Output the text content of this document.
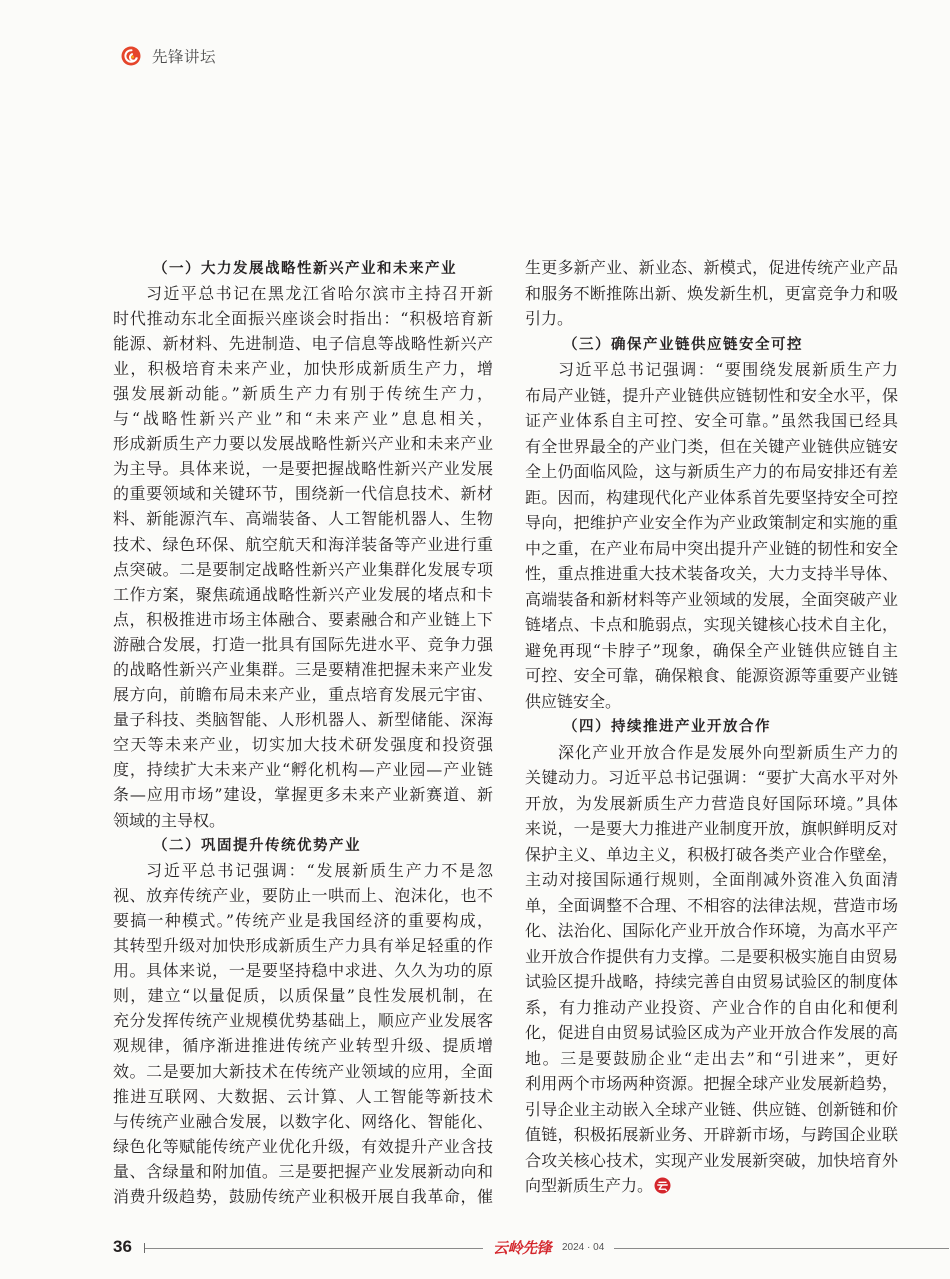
先锋讲坛
（一）大力发展战略性新兴产业和未来产业
习近平总书记在黑龙江省哈尔滨市主持召开新
时代推动东北全面振兴座谈会时指出：“积极培育新
能源、新材料、先进制造、电子信息等战略性新兴产
业，积极培育未来产业，加快形成新质生产力，增
强发展新动能。”新质生产力有别于传统生产力，
与“战略性新兴产业”和“未来产业”息息相关，
形成新质生产力要以发展战略性新兴产业和未来产业
为主导。具体来说，一是要把握战略性新兴产业发展
的重要领域和关键环节，围绕新一代信息技术、新材
料、新能源汽车、高端装备、人工智能机器人、生物
技术、绿色环保、航空航天和海洋装备等产业进行重
点突破。二是要制定战略性新兴产业集群化发展专项
工作方案，聚焦疏通战略性新兴产业发展的堵点和卡
点，积极推进市场主体融合、要素融合和产业链上下
游融合发展，打造一批具有国际先进水平、竞争力强
的战略性新兴产业集群。三是要精准把握未来产业发
展方向，前瞻布局未来产业，重点培育发展元宇宙、
量子科技、类脑智能、人形机器人、新型储能、深海
空天等未来产业，切实加大技术研发强度和投资强
度，持续扩大未来产业“孵化机构—产业园—产业链
条—应用市场”建设，掌握更多未来产业新赛道、新
领域的主导权。
（二）巩固提升传统优势产业
习近平总书记强调：“发展新质生产力不是忽
视、放弃传统产业，要防止一哄而上、泡沫化，也不
要搞一种模式。”传统产业是我国经济的重要构成，
其转型升级对加快形成新质生产力具有举足轻重的作
用。具体来说，一是要坚持稳中求进、久久为功的原
则，建立“以量促质，以质保量”良性发展机制，在
充分发挥传统产业规模优势基础上，顺应产业发展客
观规律，循序渐进推进传统产业转型升级、提质增
效。二是要加大新技术在传统产业领域的应用，全面
推进互联网、大数据、云计算、人工智能等新技术
与传统产业融合发展，以数字化、网络化、智能化、
绿色化等赋能传统产业优化升级，有效提升产业含技
量、含绿量和附加值。三是要把握产业发展新动向和
消费升级趋势，鼓励传统产业积极开展自我革命，催
生更多新产业、新业态、新模式，促进传统产业产品
和服务不断推陈出新、焕发新生机，更富竞争力和吸
引力。
（三）确保产业链供应链安全可控
习近平总书记强调：“要围绕发展新质生产力
布局产业链，提升产业链供应链韧性和安全水平，保
证产业体系自主可控、安全可靠。”虽然我国已经具
有全世界最全的产业门类，但在关键产业链供应链安
全上仍面临风险，这与新质生产力的布局安排还有差
距。因而，构建现代化产业体系首先要坚持安全可控
导向，把维护产业安全作为产业政策制定和实施的重
中之重，在产业布局中突出提升产业链的韧性和安全
性，重点推进重大技术装备攻关，大力支持半导体、
高端装备和新材料等产业领域的发展，全面突破产业
链堵点、卡点和脆弱点，实现关键核心技术自主化，
避免再现“卡脖子”现象，确保全产业链供应链自主
可控、安全可靠，确保粮食、能源资源等重要产业链
供应链安全。
（四）持续推进产业开放合作
深化产业开放合作是发展外向型新质生产力的
关键动力。习近平总书记强调：“要扩大高水平对外
开放，为发展新质生产力营造良好国际环境。”具体
来说，一是要大力推进产业制度开放，旗帜鲜明反对
保护主义、单边主义，积极打破各类产业合作壁垒，
主动对接国际通行规则，全面削减外资准入负面清
单，全面调整不合理、不相容的法律法规，营造市场
化、法治化、国际化产业开放合作环境，为高水平产
业开放合作提供有力支撑。二是要积极实施自由贸易
试验区提升战略，持续完善自由贸易试验区的制度体
系，有力推动产业投资、产业合作的自由化和便利
化，促进自由贸易试验区成为产业开放合作发展的高
地。三是要鼓励企业“走出去”和“引进来”，更好
利用两个市场两种资源。把握全球产业发展新趋势，
引导企业主动嵌入全球产业链、供应链、创新链和价
值链，积极拓展新业务、开辟新市场，与跨国企业联
合攻关核心技术，实现产业发展新突破，加快培育外
向型新质生产力。
36	云岭先锋 2024 · 04
